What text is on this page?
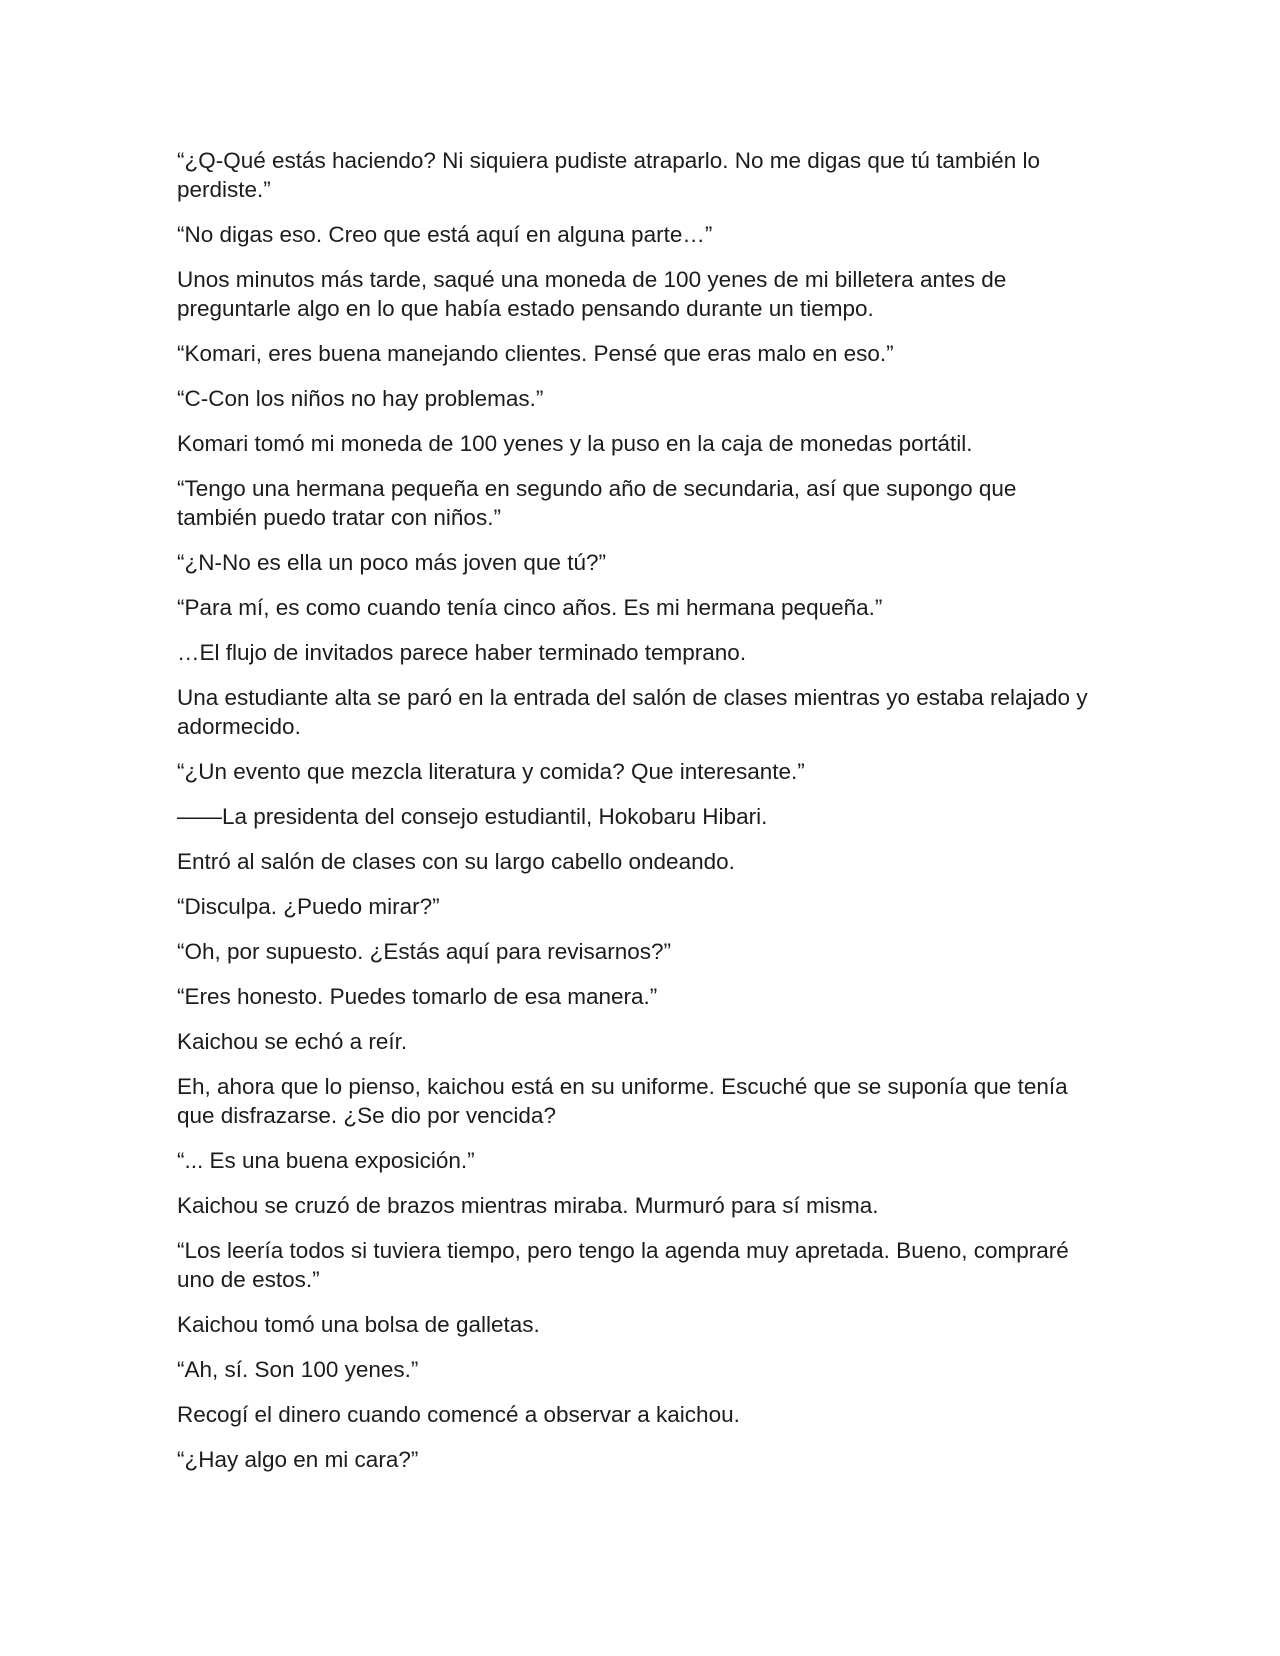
“¿Q-Qué estás haciendo? Ni siquiera pudiste atraparlo. No me digas que tú también lo perdiste.”

“No digas eso. Creo que está aquí en alguna parte…”

Unos minutos más tarde, saqué una moneda de 100 yenes de mi billetera antes de preguntarle algo en lo que había estado pensando durante un tiempo.

“Komari, eres buena manejando clientes. Pensé que eras malo en eso.”

“C-Con los niños no hay problemas.”

Komari tomó mi moneda de 100 yenes y la puso en la caja de monedas portátil.

“Tengo una hermana pequeña en segundo año de secundaria, así que supongo que también puedo tratar con niños.”

“¿N-No es ella un poco más joven que tú?”

“Para mí, es como cuando tenía cinco años. Es mi hermana pequeña.”

…El flujo de invitados parece haber terminado temprano.

Una estudiante alta se paró en la entrada del salón de clases mientras yo estaba relajado y adormecido.

“¿Un evento que mezcla literatura y comida? Que interesante.”

——La presidenta del consejo estudiantil, Hokobaru Hibari.

Entró al salón de clases con su largo cabello ondeando.

“Disculpa. ¿Puedo mirar?”

“Oh, por supuesto. ¿Estás aquí para revisarnos?”

“Eres honesto. Puedes tomarlo de esa manera.”

Kaichou se echó a reír.

Eh, ahora que lo pienso, kaichou está en su uniforme. Escuché que se suponía que tenía que disfrazarse. ¿Se dio por vencida?

“... Es una buena exposición.”

Kaichou se cruzó de brazos mientras miraba. Murmuró para sí misma.

“Los leería todos si tuviera tiempo, pero tengo la agenda muy apretada. Bueno, compraré uno de estos.”

Kaichou tomó una bolsa de galletas.

“Ah, sí. Son 100 yenes.”

Recogí el dinero cuando comencé a observar a kaichou.

“¿Hay algo en mi cara?”
